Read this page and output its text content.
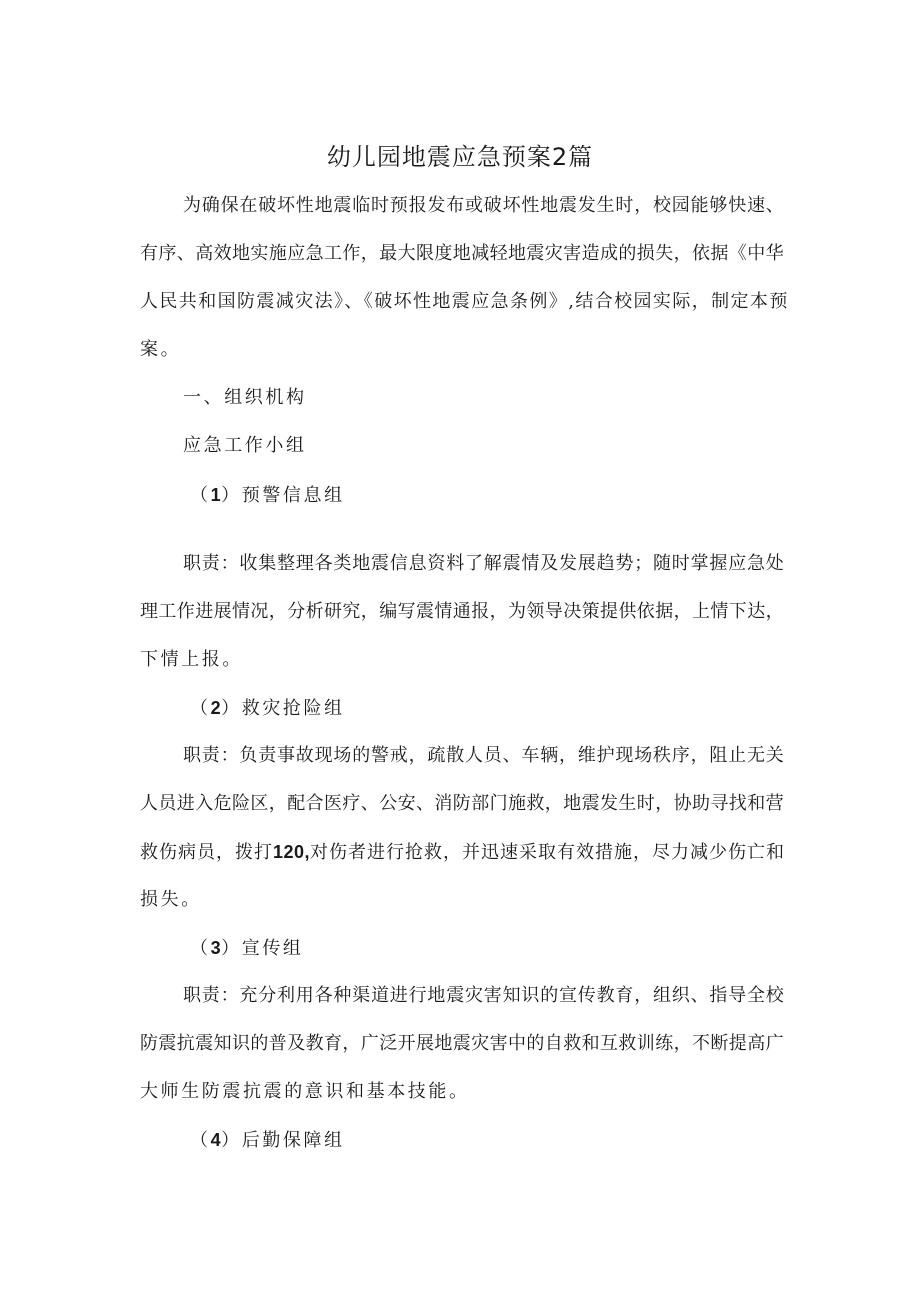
幼儿园地震应急预案2篇
为确保在破坏性地震临时预报发布或破坏性地震发生时，校园能够快速、
有序、高效地实施应急工作，最大限度地减轻地震灾害造成的损失，依据《中华
人民共和国防震减灾法》、《破坏性地震应急条例》,结合校园实际，制定本预
案。
一、组织机构
应急工作小组
（1）预警信息组
职责：收集整理各类地震信息资料了解震情及发展趋势；随时掌握应急处
理工作进展情况，分析研究，编写震情通报，为领导决策提供依据，上情下达，
下情上报。
（2）救灾抢险组
职责：负责事故现场的警戒，疏散人员、车辆，维护现场秩序，阻止无关
人员进入危险区，配合医疗、公安、消防部门施救，地震发生时，协助寻找和营
救伤病员，拨打120,对伤者进行抢救，并迅速采取有效措施，尽力减少伤亡和
损失。
（3）宣传组
职责：充分利用各种渠道进行地震灾害知识的宣传教育，组织、指导全校
防震抗震知识的普及教育，广泛开展地震灾害中的自救和互救训练，不断提高广
大师生防震抗震的意识和基本技能。
（4）后勤保障组
